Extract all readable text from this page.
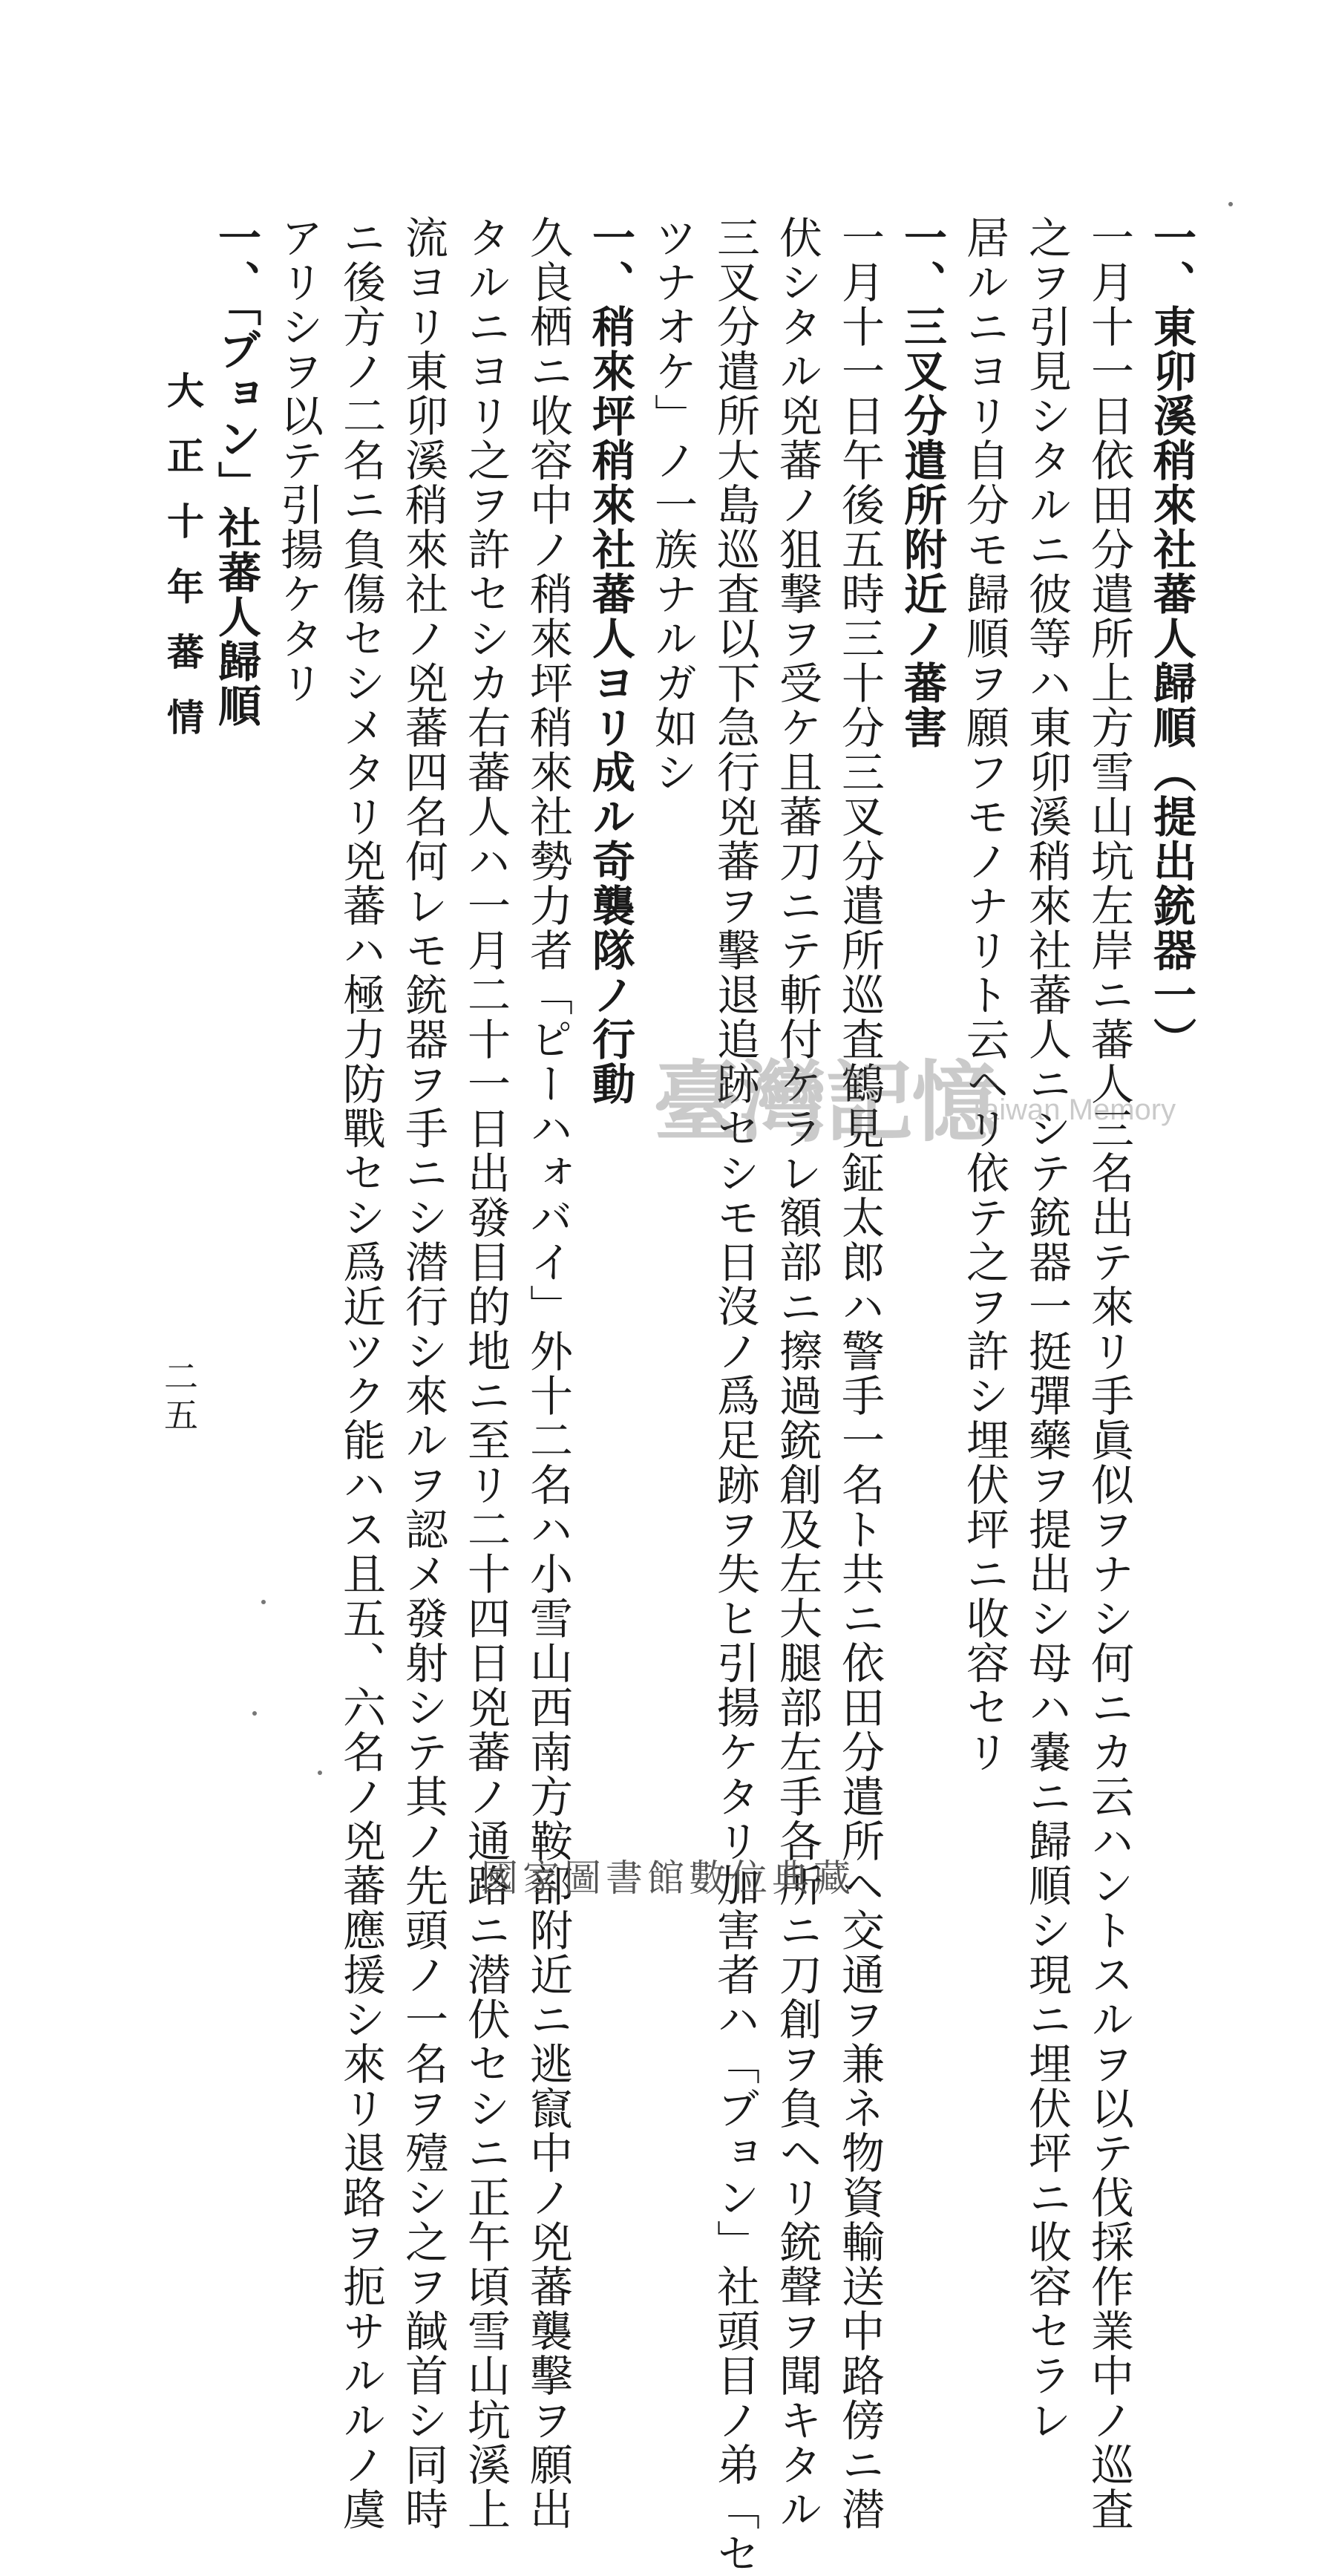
一、東卯溪稍來社蕃人歸順（提出銃器一）
一月十一日依田分遣所上方雪山坑左岸ニ蕃人三名出テ來リ手眞似ヲナシ何ニカ云ハントスルヲ以テ伐採作業中ノ巡査
之ヲ引見シタルニ彼等ハ東卯溪稍來社蕃人ニシテ銃器一挺彈藥ヲ提出シ母ハ嚢ニ歸順シ現ニ埋伏坪ニ收容セラレ
居ルニヨリ自分モ歸順ヲ願フモノナリト云ヘリ依テ之ヲ許シ埋伏坪ニ收容セリ
一、三叉分遣所附近ノ蕃害
一月十一日午後五時三十分三叉分遣所巡査鶴見鉦太郎ハ警手一名ト共ニ依田分遣所ヘ交通ヲ兼ネ物資輸送中路傍ニ潜
伏シタル兇蕃ノ狙撃ヲ受ケ且蕃刀ニテ斬付ケラレ額部ニ擦過銃創及左大腿部左手各所ニ刀創ヲ負ヘリ銃聲ヲ聞キタル
三叉分遣所大島巡査以下急行兇蕃ヲ擊退追跡セシモ日沒ノ爲足跡ヲ失ヒ引揚ケタリ加害者ハ「ブョン」社頭目ノ弟「セ
ツナオケ」ノ一族ナルガ如シ
一、稍來坪稍來社蕃人ヨリ成ル奇襲隊ノ行動
久良栖ニ收容中ノ稍來坪稍來社勢力者「ピーハォバイ」外十二名ハ小雪山西南方鞍部附近ニ逃竄中ノ兇蕃襲擊ヲ願出
タルニヨリ之ヲ許セシカ右蕃人ハ一月二十一日出發目的地ニ至リ二十四日兇蕃ノ通路ニ潜伏セシニ正午頃雪山坑溪上
流ヨリ東卯溪稍來社ノ兇蕃四名何レモ銃器ヲ手ニシ潜行シ來ルヲ認メ發射シテ其ノ先頭ノ一名ヲ殪シ之ヲ馘首シ同時
ニ後方ノ二名ニ負傷セシメタリ兇蕃ハ極力防戰セシ爲近ツク能ハス且五、六名ノ兇蕃應援シ來リ退路ヲ扼サルルノ虞
アリシヲ以テ引揚ケタリ
一、「ブョン」社蕃人歸順
大正十年蕃情
二五
臺灣記憶
Taiwan Memory
國家圖書館數位典藏
